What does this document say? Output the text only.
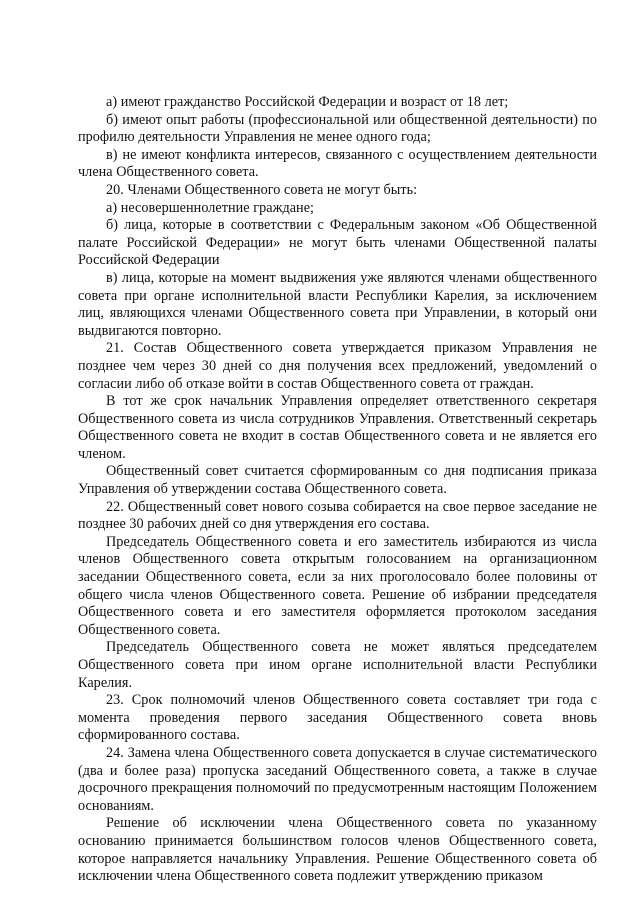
а) имеют гражданство Российской Федерации и возраст от 18 лет;

б) имеют опыт работы (профессиональной или общественной деятельности) по профилю деятельности Управления не менее одного года;

в) не имеют конфликта интересов, связанного с осуществлением деятельности члена Общественного совета.

20. Членами Общественного совета не могут быть:

а) несовершеннолетние граждане;

б) лица, которые в соответствии с Федеральным законом «Об Общественной палате Российской Федерации» не могут быть членами Общественной палаты Российской Федерации

в) лица, которые на момент выдвижения уже являются членами общественного совета при органе исполнительной власти Республики Карелия, за исключением лиц, являющихся членами Общественного совета при Управлении, в который они выдвигаются повторно.

21. Состав Общественного совета утверждается приказом Управления не позднее чем через 30 дней со дня получения всех предложений, уведомлений о согласии либо об отказе войти в состав Общественного совета от граждан.

В тот же срок начальник Управления определяет ответственного секретаря Общественного совета из числа сотрудников Управления. Ответственный секретарь Общественного совета не входит в состав Общественного совета и не является его членом.

Общественный совет считается сформированным со дня подписания приказа Управления об утверждении состава Общественного совета.

22. Общественный совет нового созыва собирается на свое первое заседание не позднее 30 рабочих дней со дня утверждения его состава.

Председатель Общественного совета и его заместитель избираются из числа членов Общественного совета открытым голосованием на организационном заседании Общественного совета, если за них проголосовало более половины от общего числа членов Общественного совета. Решение об избрании председателя Общественного совета и его заместителя оформляется протоколом заседания Общественного совета.

Председатель Общественного совета не может являться председателем Общественного совета при ином органе исполнительной власти Республики Карелия.

23. Срок полномочий членов Общественного совета составляет три года с момента проведения первого заседания Общественного совета вновь сформированного состава.

24. Замена члена Общественного совета допускается в случае систематического (два и более раза) пропуска заседаний Общественного совета, а также в случае досрочного прекращения полномочий по предусмотренным настоящим Положением основаниям.

Решение об исключении члена Общественного совета по указанному основанию принимается большинством голосов членов Общественного совета, которое направляется начальнику Управления. Решение Общественного совета об исключении члена Общественного совета подлежит утверждению приказом
